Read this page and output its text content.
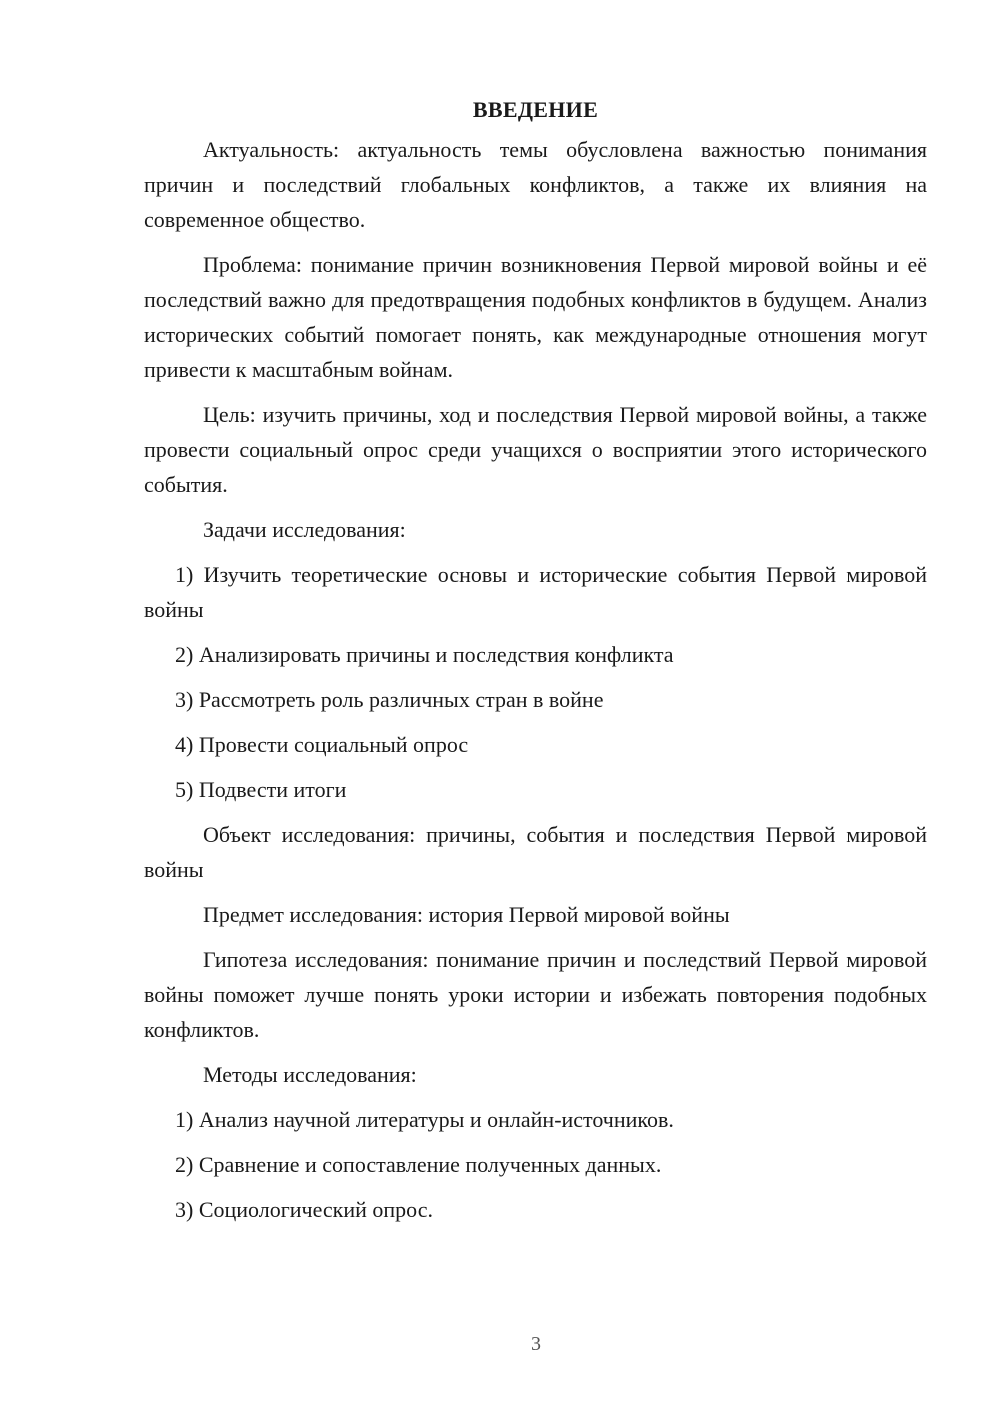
ВВЕДЕНИЕ

Актуальность: актуальность темы обусловлена важностью понимания причин и последствий глобальных конфликтов, а также их влияния на современное общество.

Проблема: понимание причин возникновения Первой мировой войны и её последствий важно для предотвращения подобных конфликтов в будущем. Анализ исторических событий помогает понять, как международные отношения могут привести к масштабным войнам.

Цель: изучить причины, ход и последствия Первой мировой войны, а также провести социальный опрос среди учащихся о восприятии этого исторического события.

Задачи исследования:

1) Изучить теоретические основы и исторические события Первой мировой войны

2) Анализировать причины и последствия конфликта

3) Рассмотреть роль различных стран в войне

4) Провести социальный опрос

5) Подвести итоги

Объект исследования: причины, события и последствия Первой мировой войны

Предмет исследования: история Первой мировой войны

Гипотеза исследования: понимание причин и последствий Первой мировой войны поможет лучше понять уроки истории и избежать повторения подобных конфликтов.

Методы исследования:

1) Анализ научной литературы и онлайн-источников.

2) Сравнение и сопоставление полученных данных.

3) Социологический опрос.

3
